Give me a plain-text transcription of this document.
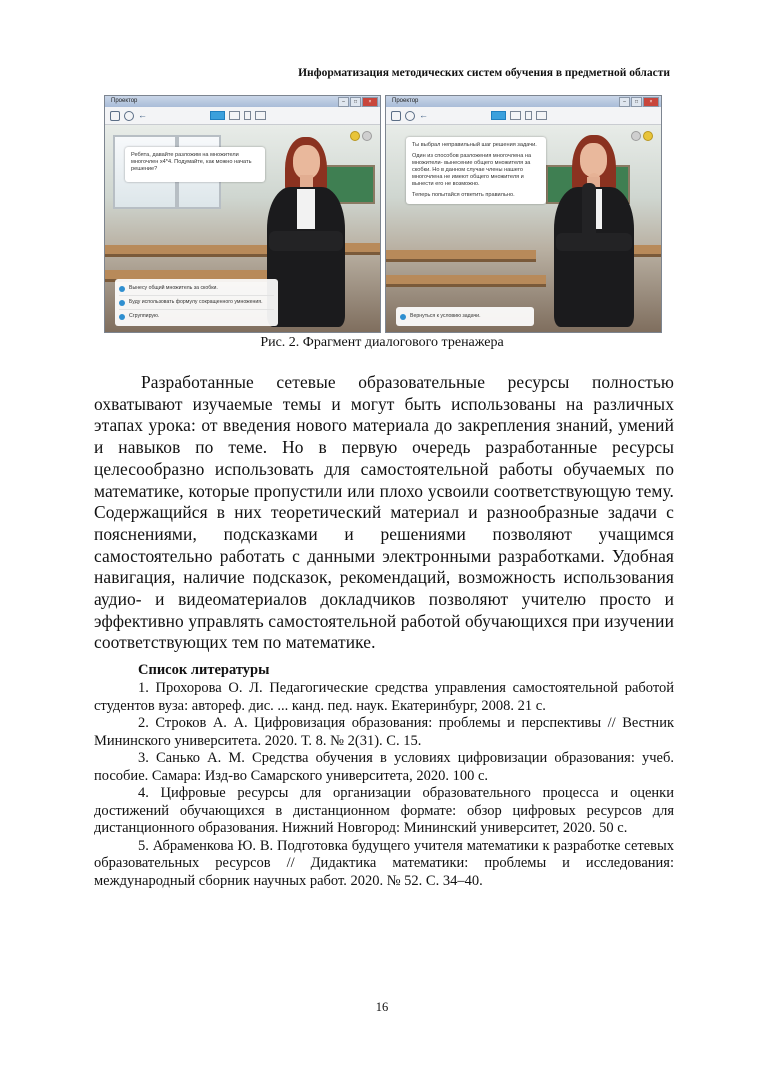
Информатизация методических систем обучения в предметной области
Проектор	–	□	×
←

Ребята, давайте разложим на множители многочлен x4*4. Подумайте, как можно начать решение?

Вынесу общий множитель за скобки.
Буду использовать формулу сокращенного умножения.
Сгруппирую.
Проектор	–	□	×
←

Ты выбрал неправильный шаг решения задачи.

Один из способов разложения многочлена на множители- вынесение общего множителя за скобки. Но в данном случае члены нашего многочлена не имеют общего множителя и вынести его не возможно.

Теперь попытайся ответить правильно.

Вернуться к условию задачи.
Рис. 2. Фрагмент диалогового тренажера

Разработанные сетевые образовательные ресурсы полностью охватывают изучаемые темы и могут быть использованы на различных этапах урока: от введения нового материала до закрепления знаний, умений и навыков по теме. Но в первую очередь разработанные ресурсы целесообразно использовать для самостоятельной работы обучаемых по математике, которые пропустили или плохо усвоили соответствующую тему. Содержащийся в них теоретический материал и разнообразные задачи с пояснениями, подсказками и решениями позволяют учащимся самостоятельно работать с данными электронными разработками. Удобная навигация, наличие подсказок, рекомендаций, возможность использования аудио- и видеоматериалов докладчиков позволяют учителю просто и эффективно управлять самостоятельной работой обучающихся при изучении соответствующих тем по математике.

Список литературы

1. Прохорова О. Л. Педагогические средства управления самостоятельной работой студентов вуза: автореф. дис. ... канд. пед. наук. Екатеринбург, 2008. 21 с.

2. Строков А. А. Цифровизация образования: проблемы и перспективы // Вестник Мининского университета. 2020. Т. 8. № 2(31). С. 15.

3. Санько А. М. Средства обучения в условиях цифровизации образования: учеб. пособие. Самара: Изд-во Самарского университета, 2020. 100 с.

4. Цифровые ресурсы для организации образовательного процесса и оценки достижений обучающихся в дистанционном формате: обзор цифровых ресурсов для дистанционного образования. Нижний Новгород: Мининский университет, 2020. 50 с.

5. Абраменкова Ю. В. Подготовка будущего учителя математики к разработке сетевых образовательных ресурсов // Дидактика математики: проблемы и исследования: международный сборник научных работ. 2020. № 52. С. 34–40.

16
